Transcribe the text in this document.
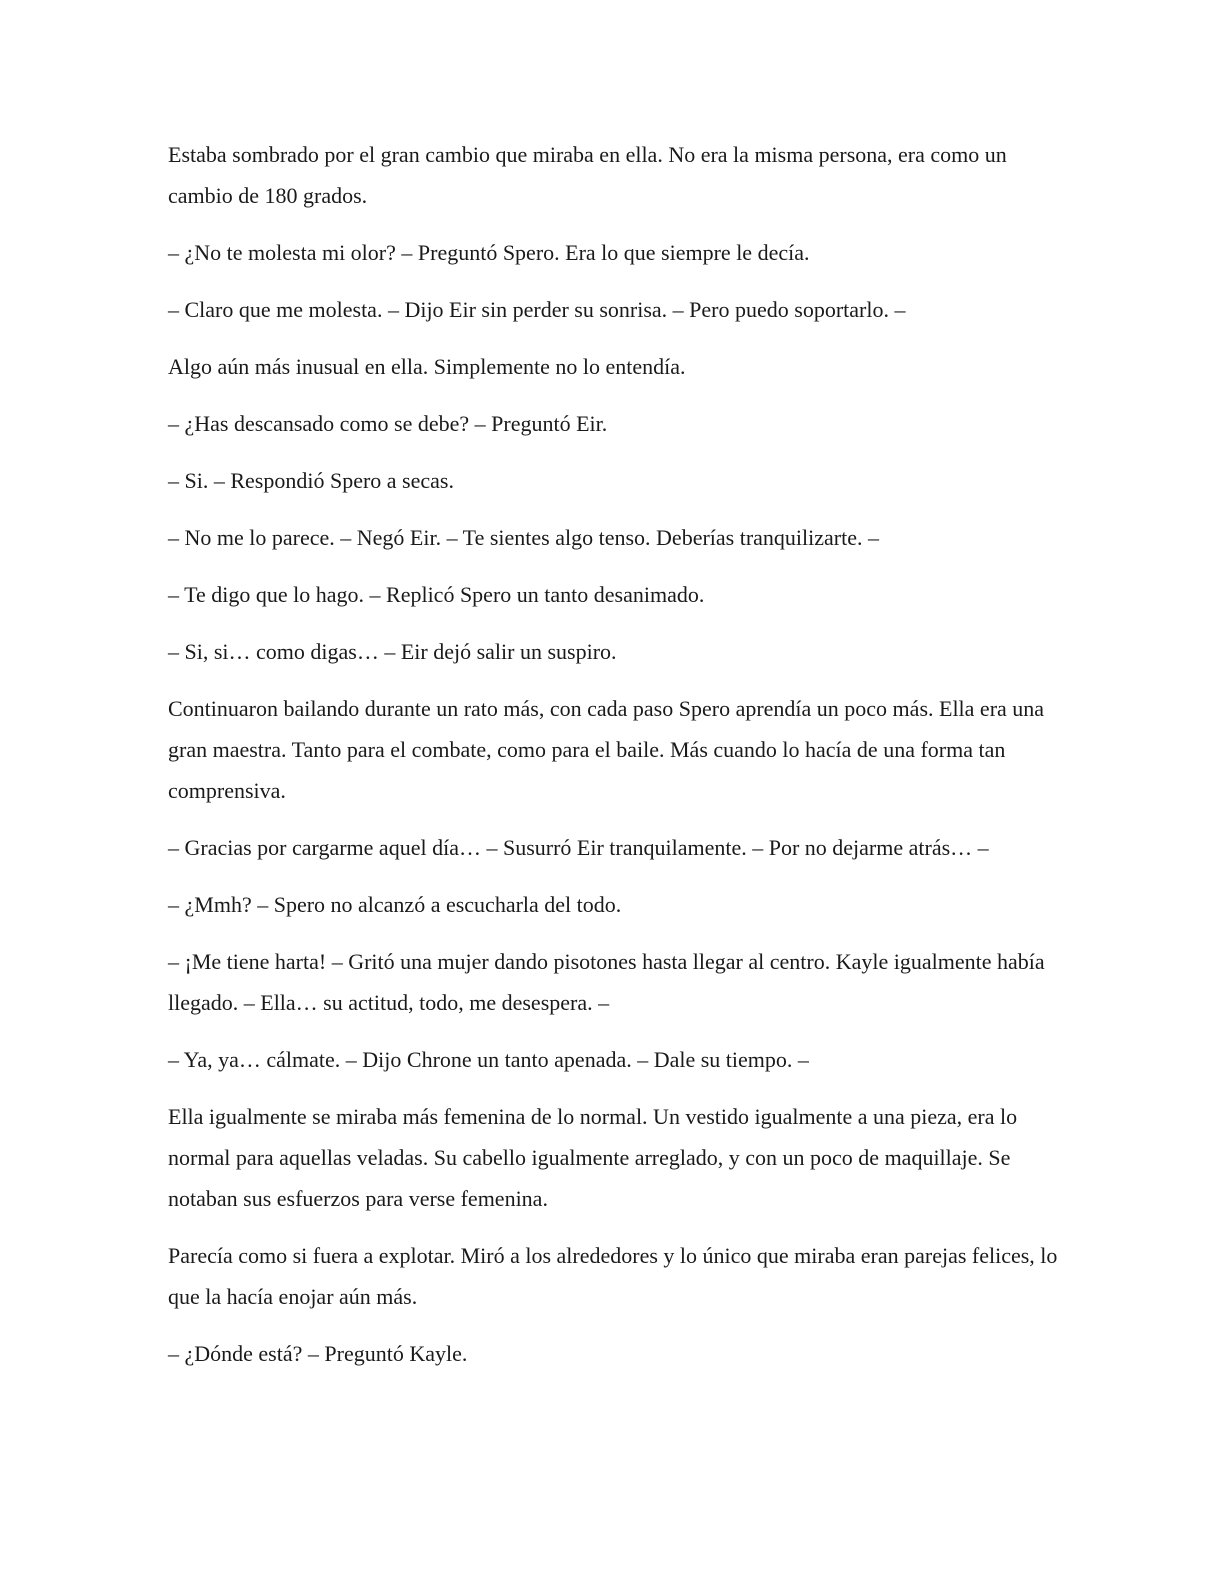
Estaba sombrado por el gran cambio que miraba en ella. No era la misma persona, era como un cambio de 180 grados.

– ¿No te molesta mi olor? – Preguntó Spero. Era lo que siempre le decía.

– Claro que me molesta. – Dijo Eir sin perder su sonrisa. – Pero puedo soportarlo. –

Algo aún más inusual en ella. Simplemente no lo entendía.

– ¿Has descansado como se debe? – Preguntó Eir.

– Si. – Respondió Spero a secas.

– No me lo parece. – Negó Eir. – Te sientes algo tenso. Deberías tranquilizarte. –

– Te digo que lo hago. – Replicó Spero un tanto desanimado.

– Si, si… como digas… – Eir dejó salir un suspiro.

Continuaron bailando durante un rato más, con cada paso Spero aprendía un poco más. Ella era una gran maestra. Tanto para el combate, como para el baile. Más cuando lo hacía de una forma tan comprensiva.

– Gracias por cargarme aquel día… – Susurró Eir tranquilamente. – Por no dejarme atrás… –

– ¿Mmh? – Spero no alcanzó a escucharla del todo.

– ¡Me tiene harta! – Gritó una mujer dando pisotones hasta llegar al centro. Kayle igualmente había llegado. – Ella… su actitud, todo, me desespera. –

– Ya, ya… cálmate. – Dijo Chrone un tanto apenada. – Dale su tiempo. –

Ella igualmente se miraba más femenina de lo normal. Un vestido igualmente a una pieza, era lo normal para aquellas veladas. Su cabello igualmente arreglado, y con un poco de maquillaje. Se notaban sus esfuerzos para verse femenina.

Parecía como si fuera a explotar. Miró a los alrededores y lo único que miraba eran parejas felices, lo que la hacía enojar aún más.

– ¿Dónde está? – Preguntó Kayle.
